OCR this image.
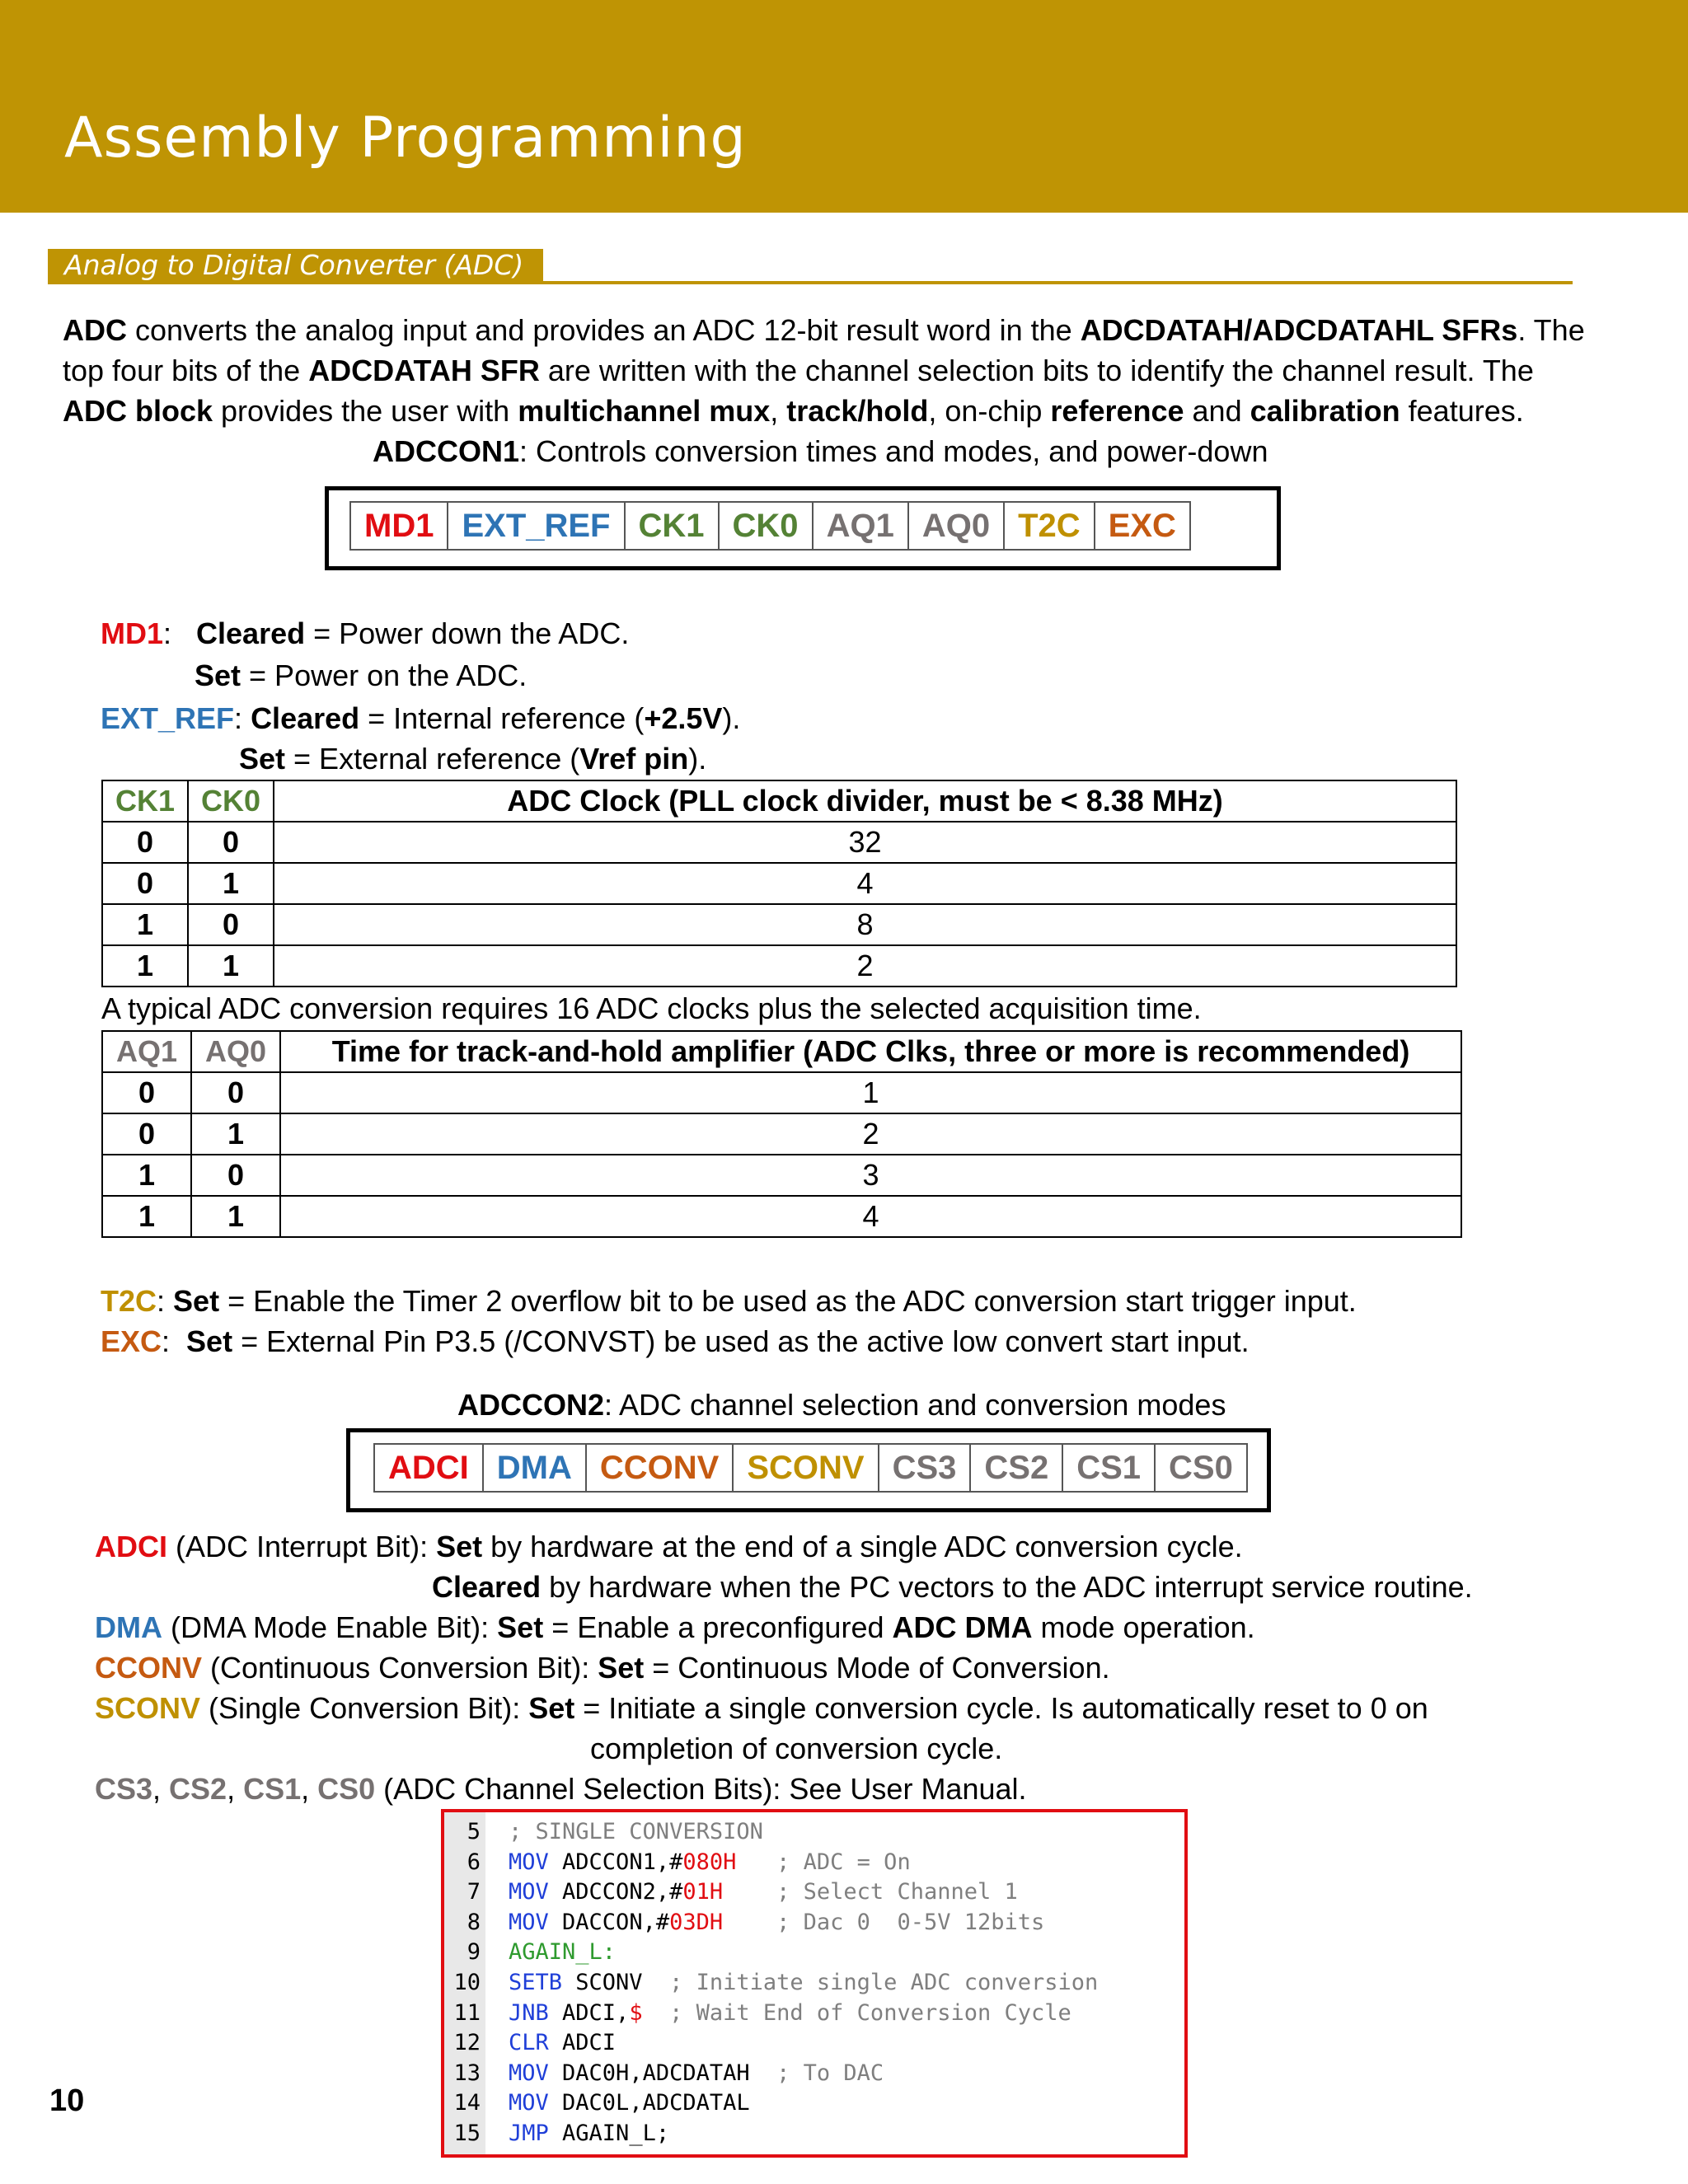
Assembly Programming
Analog to Digital Converter (ADC)
ADC converts the analog input and provides an ADC 12-bit result word in the ADCDATAH/ADCDATAHL SFRs. The
top four bits of the ADCDATAH SFR are written with the channel selection bits to identify the channel result. The
ADC block provides the user with multichannel mux, track/hold, on-chip reference and calibration features.
ADCCON1: Controls conversion times and modes, and power-down
MD1	EXT_REF	CK1	CK0	AQ1	AQ0	T2C	EXC
MD1:   Cleared = Power down the ADC.
Set = Power on the ADC.
EXT_REF: Cleared = Internal reference (+2.5V).
Set = External reference (Vref pin).
CK1	CK0	ADC Clock (PLL clock divider, must be < 8.38 MHz)
0	0	32
0	1	4
1	0	8
1	1	2
A typical ADC conversion requires 16 ADC clocks plus the selected acquisition time.
AQ1	AQ0	Time for track-and-hold amplifier (ADC Clks, three or more is recommended)
0	0	1
0	1	2
1	0	3
1	1	4
T2C: Set = Enable the Timer 2 overflow bit to be used as the ADC conversion start trigger input.
EXC:  Set = External Pin P3.5 (/CONVST) be used as the active low convert start input.
ADCCON2: ADC channel selection and conversion modes
ADCI	DMA	CCONV	SCONV	CS3	CS2	CS1	CS0
ADCI (ADC Interrupt Bit): Set by hardware at the end of a single ADC conversion cycle.
Cleared by hardware when the PC vectors to the ADC interrupt service routine.
DMA (DMA Mode Enable Bit): Set = Enable a preconfigured ADC DMA mode operation.
CCONV (Continuous Conversion Bit): Set = Continuous Mode of Conversion.
SCONV (Single Conversion Bit): Set = Initiate a single conversion cycle. Is automatically reset to 0 on
completion of conversion cycle.
CS3, CS2, CS1, CS0 (ADC Channel Selection Bits): See User Manual.
5 ; SINGLE CONVERSION
6 MOV ADCCON1,#080H   ; ADC = On
7 MOV ADCCON2,#01H    ; Select Channel 1
8 MOV DACCON,#03DH    ; Dac 0  0-5V 12bits
9 AGAIN_L:
10 SETB SCONV  ; Initiate single ADC conversion
11 JNB ADCI,$  ; Wait End of Conversion Cycle
12 CLR ADCI
13 MOV DAC0H,ADCDATAH  ; To DAC
14 MOV DAC0L,ADCDATAL
15 JMP AGAIN_L;
10
